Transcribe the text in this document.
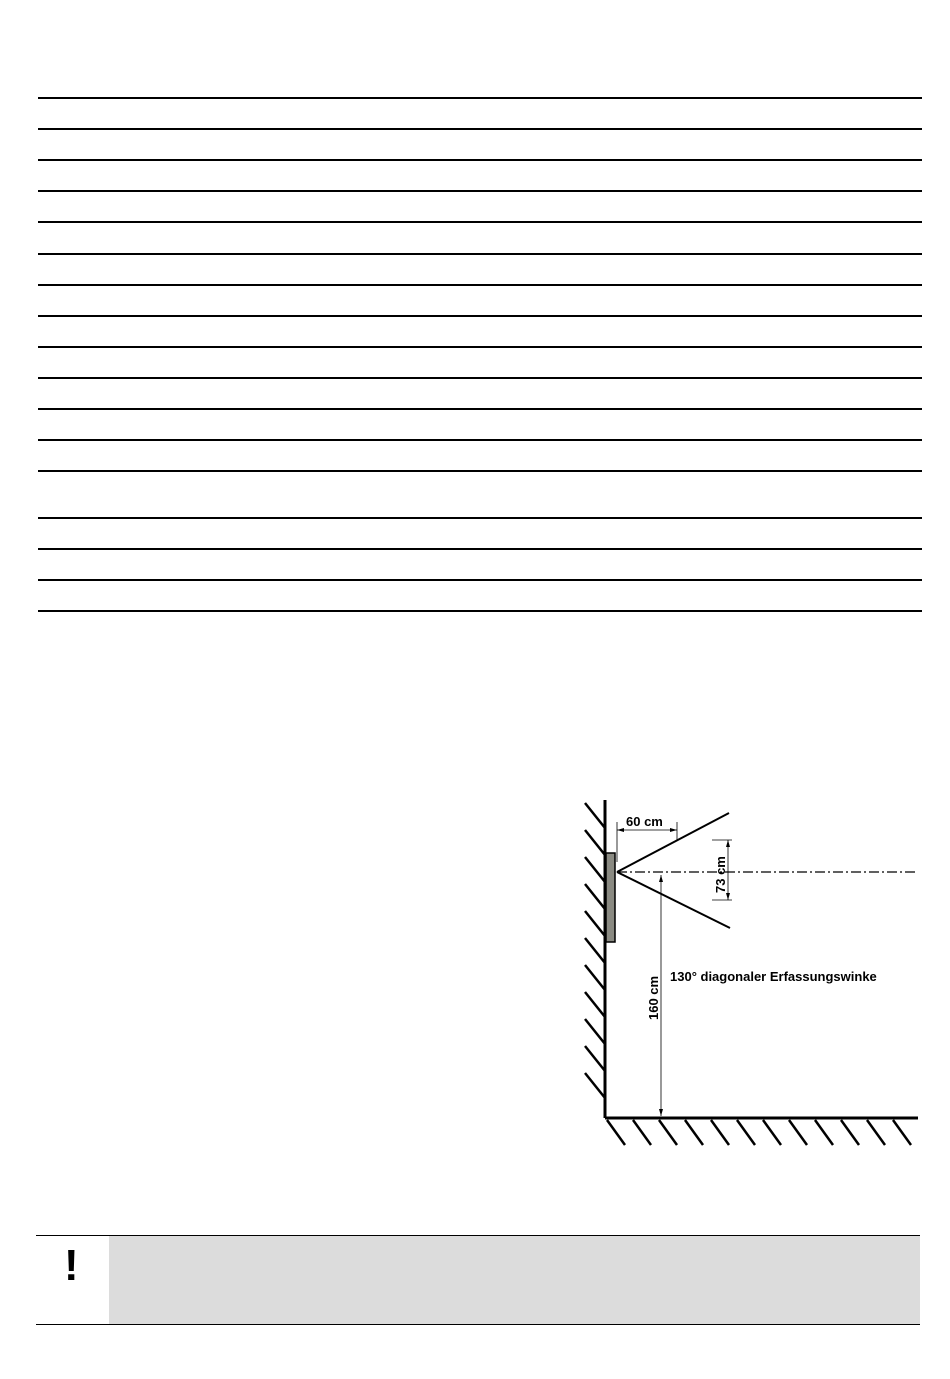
60 cm
73 cm
160 cm 130° diagonaler Erfassungswinke
!
